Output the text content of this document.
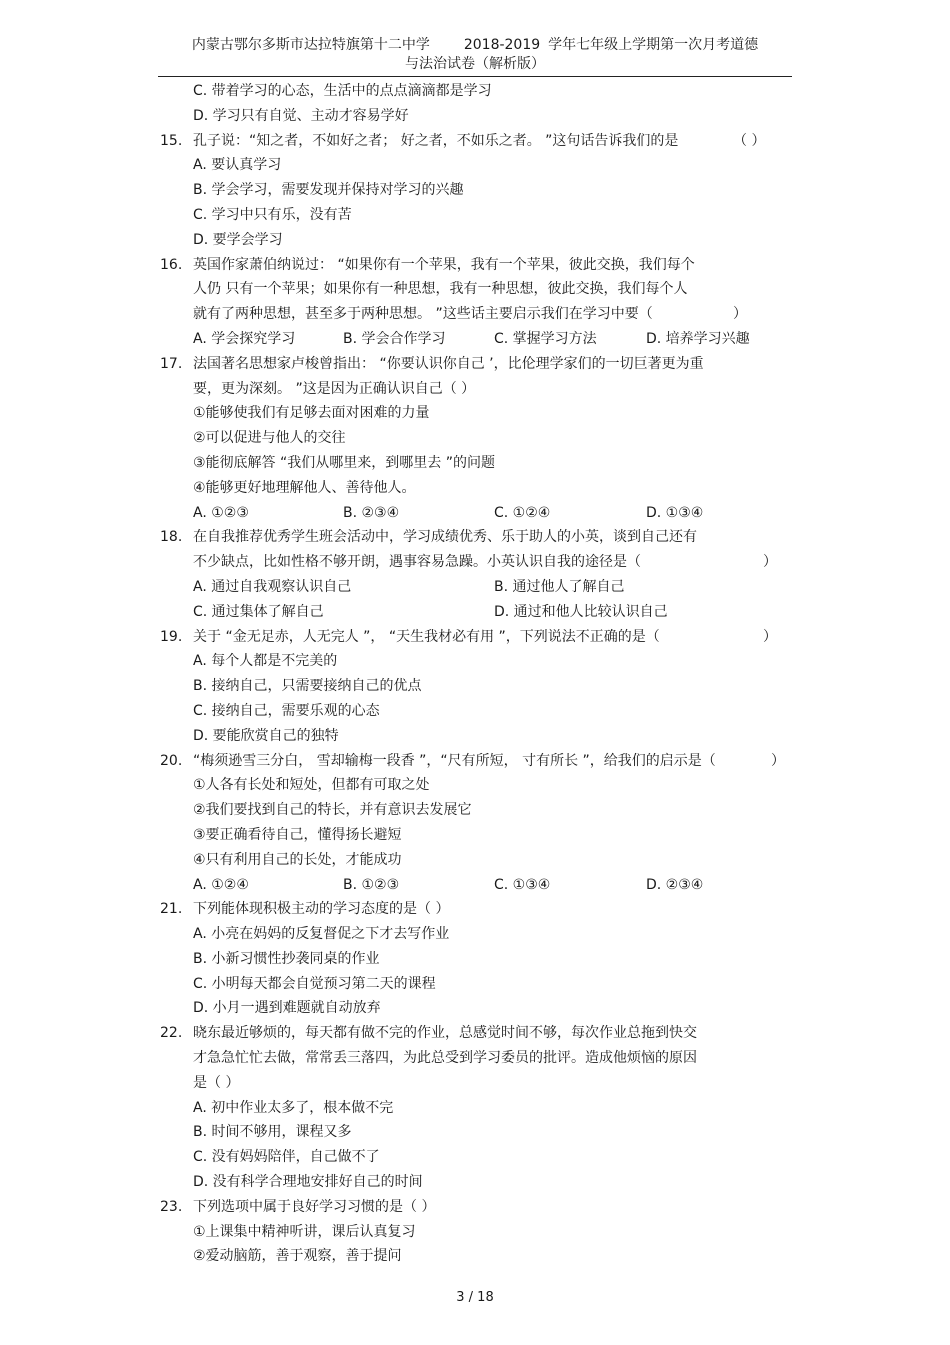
内蒙古鄂尔多斯市达拉特旗第十二中学 2018-2019 学年七年级上学期第一次月考道德
与法治试卷（解析版）
C. 带着学习的心态，生活中的点点滴滴都是学习
D. 学习只有自觉、主动才容易学好
15. 孔子说：“知之者，不如好之者； 好之者，不如乐之者。 ”这句话告诉我们的是	（ ）
A. 要认真学习
B. 学会学习，需要发现并保持对学习的兴趣
C. 学习中只有乐，没有苦
D. 要学会学习
16. 英国作家萧伯纳说过： “如果你有一个苹果，我有一个苹果，彼此交换，我们每个
人仍 只有一个苹果；如果你有一种思想，我有一种思想，彼此交换，我们每个人
就有了两种思想，甚至多于两种思想。 ”这些话主要启示我们在学习中要（	）
A. 学会探究学习	B. 学会合作学习	C. 掌握学习方法	D. 培养学习兴趣
17. 法国著名思想家卢梭曾指出： “你要认识你自己 ’，比伦理学家们的一切巨著更为重
要，更为深刻。 ”这是因为正确认识自己（ ）
①能够使我们有足够去面对困难的力量
②可以促进与他人的交往
③能彻底解答 “我们从哪里来，到哪里去 ”的问题
④能够更好地理解他人、善待他人。
A. ①②③	B. ②③④	C. ①②④	D. ①③④
18. 在自我推荐优秀学生班会活动中，学习成绩优秀、乐于助人的小英，谈到自己还有
不少缺点，比如性格不够开朗，遇事容易急躁。小英认识自我的途径是（	）
A. 通过自我观察认识自己	B. 通过他人了解自己
C. 通过集体了解自己	D. 通过和他人比较认识自己
19. 关于 “金无足赤，人无完人 ”， “天生我材必有用 ”，下列说法不正确的是（	）
A. 每个人都是不完美的
B. 接纳自己，只需要接纳自己的优点
C. 接纳自己，需要乐观的心态
D. 要能欣赏自己的独特
20. “梅须逊雪三分白， 雪却输梅一段香 ”，“尺有所短， 寸有所长 ”，给我们的启示是（	）
①人各有长处和短处，但都有可取之处
②我们要找到自己的特长，并有意识去发展它
③要正确看待自己，懂得扬长避短
④只有利用自己的长处，才能成功
A. ①②④	B. ①②③	C. ①③④	D. ②③④
21. 下列能体现积极主动的学习态度的是（ ）
A. 小亮在妈妈的反复督促之下才去写作业
B. 小新习惯性抄袭同桌的作业
C. 小明每天都会自觉预习第二天的课程
D. 小月一遇到难题就自动放弃
22. 晓东最近够烦的，每天都有做不完的作业，总感觉时间不够，每次作业总拖到快交
才急急忙忙去做，常常丢三落四，为此总受到学习委员的批评。造成他烦恼的原因
是（ ）
A. 初中作业太多了，根本做不完
B. 时间不够用，课程又多
C. 没有妈妈陪伴，自己做不了
D. 没有科学合理地安排好自己的时间
23. 下列选项中属于良好学习习惯的是（ ）
①上课集中精神听讲，课后认真复习
②爱动脑筋，善于观察，善于提问
3 / 18
